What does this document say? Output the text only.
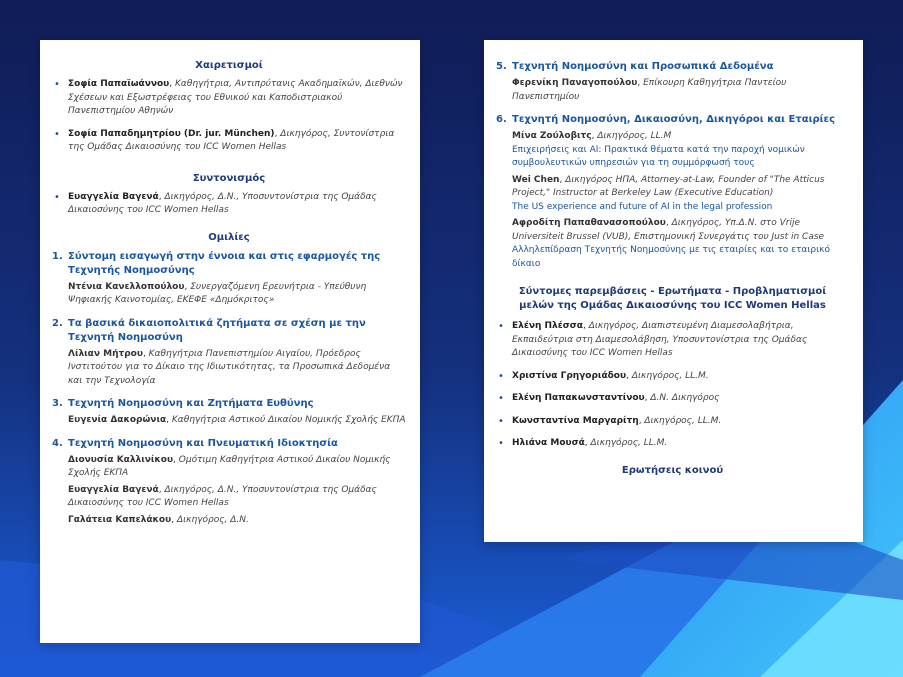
Χαιρετισμοί
• Σοφία Παπαϊωάννου, Καθηγήτρια, Αντιπρύτανις Ακαδημαϊκών, Διεθνών Σχέσεων και Εξωστρέφειας του Εθνικού και Καποδιστριακού Πανεπιστημίου Αθηνών
• Σοφία Παπαδημητρίου (Dr. jur. München), Δικηγόρος, Συντονίστρια της Ομάδας Δικαιοσύνης του ICC Women Hellas
Συντονισμός
• Ευαγγελία Βαγενά, Δικηγόρος, Δ.Ν., Υποσυντονίστρια της Ομάδας Δικαιοσύνης του ICC Women Hellas
Ομιλίες
1. Σύντομη εισαγωγή στην έννοια και στις εφαρμογές της Τεχνητής Νοημοσύνης
Ντένια Κανελλοπούλου, Συνεργαζόμενη Ερευνήτρια - Υπεύθυνη Ψηφιακής Καινοτομίας, ΕΚΕΦΕ «Δημόκριτος»
2. Τα βασικά δικαιοπολιτικά ζητήματα σε σχέση με την Τεχνητή Νοημοσύνη
Λίλιαν Μήτρου, Καθηγήτρια Πανεπιστημίου Αιγαίου, Πρόεδρος Ινστιτούτου για το Δίκαιο της Ιδιωτικότητας, τα Προσωπικά Δεδομένα και την Τεχνολογία
3. Τεχνητή Νοημοσύνη και Ζητήματα Ευθύνης
Ευγενία Δακορώνια, Καθηγήτρια Αστικού Δικαίου Νομικής Σχολής ΕΚΠΑ
4. Τεχνητή Νοημοσύνη και Πνευματική Ιδιοκτησία
Διονυσία Καλλινίκου, Ομότιμη Καθηγήτρια Αστικού Δικαίου Νομικής Σχολής ΕΚΠΑ
Ευαγγελία Βαγενά, Δικηγόρος, Δ.Ν., Υποσυντονίστρια της Ομάδας Δικαιοσύνης του ICC Women Hellas
Γαλάτεια Καπελάκου, Δικηγόρος, Δ.Ν.
5. Τεχνητή Νοημοσύνη και Προσωπικά Δεδομένα
Φερενίκη Παναγοπούλου, Επίκουρη Καθηγήτρια Παντείου Πανεπιστημίου
6. Τεχνητή Νοημοσύνη, Δικαιοσύνη, Δικηγόροι και Εταιρίες
Μίνα Ζούλοβιτς, Δικηγόρος, LL.M
Επιχειρήσεις και AI: Πρακτικά θέματα κατά την παροχή νομικών συμβουλευτικών υπηρεσιών για τη συμμόρφωσή τους
Wei Chen, Δικηγόρος ΗΠΑ, Attorney-at-Law, Founder of "The Atticus Project," Instructor at Berkeley Law (Executive Education)
The US experience and future of AI in the legal profession
Αφροδίτη Παπαθανασοπούλου, Δικηγόρος, Υπ.Δ.Ν. στο Vrije Universiteit Brussel (VUB), Επιστημονική Συνεργάτις του Just in Case
Αλληλεπίδραση Τεχνητής Νοημοσύνης με τις εταιρίες και το εταιρικό δίκαιο
Σύντομες παρεμβάσεις - Ερωτήματα - Προβληματισμοί μελών της Ομάδας Δικαιοσύνης του ICC Women Hellas
• Ελένη Πλέσσα, Δικηγόρος, Διαπιστευμένη Διαμεσολαβήτρια, Εκπαιδεύτρια στη Διαμεσολάβηση, Υποσυντονίστρια της Ομάδας Δικαιοσύνης του ICC Women Hellas
• Χριστίνα Γρηγοριάδου, Δικηγόρος, LL.M.
• Ελένη Παπακωνσταντίνου, Δ.Ν. Δικηγόρος
• Κωνσταντίνα Μαργαρίτη, Δικηγόρος, LL.M.
• Ηλιάνα Μουσά, Δικηγόρος, LL.M.
Ερωτήσεις κοινού
